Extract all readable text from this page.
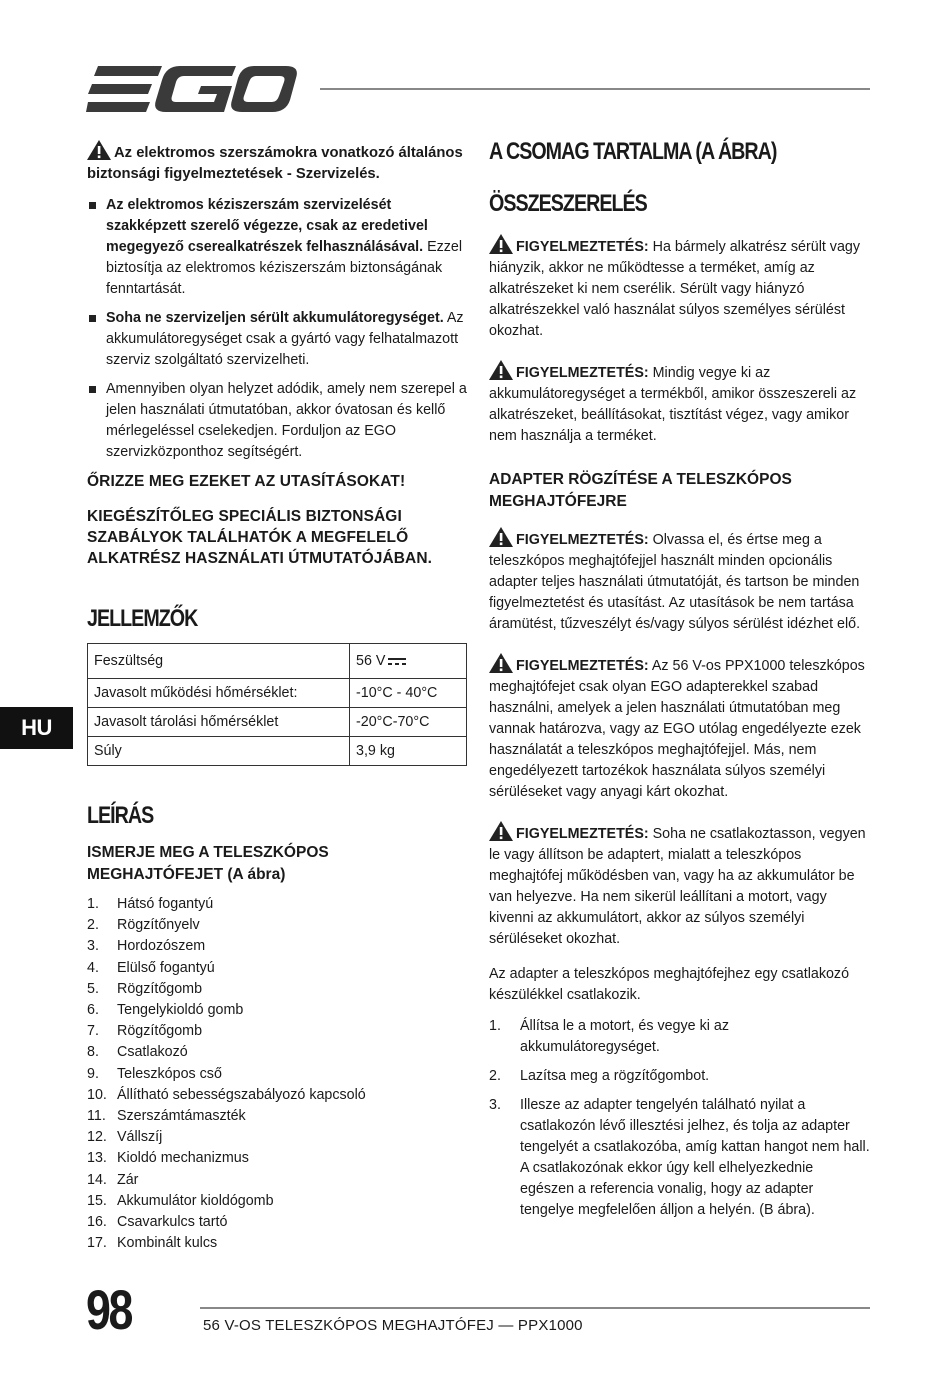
HU

Az elektromos szerszámokra vonatkozó általános biztonsági figyelmeztetések - Szervizelés.

Az elektromos kéziszerszám szervizelését szakképzett szerelő végezze, csak az eredetivel megegyező cserealkatrészek felhasználásával. Ezzel biztosítja az elektromos kéziszerszám biztonságának fenntartását.
Soha ne szervizeljen sérült akkumulátoregységet. Az akkumulátoregységet csak a gyártó vagy felhatalmazott szerviz szolgáltató szervizelheti.
Amennyiben olyan helyzet adódik, amely nem szerepel a jelen használati útmutatóban, akkor óvatosan és kellő mérlegeléssel cselekedjen. Forduljon az EGO szervizközponthoz segítségért.

ŐRIZZE MEG EZEKET AZ UTASÍTÁSOKAT!

KIEGÉSZÍTŐLEG SPECIÁLIS BIZTONSÁGI SZABÁLYOK TALÁLHATÓK A MEGFELELŐ ALKATRÉSZ HASZNÁLATI ÚTMUTATÓJÁBAN.

JELLEMZŐK
Feszültség	56 V
Javasolt működési hőmérséklet:	-10°C - 40°C
Javasolt tárolási hőmérséklet	-20°C-70°C
Súly	3,9 kg
LEÍRÁS

ISMERJE MEG A TELESZKÓPOS MEGHAJTÓFEJET (A ábra)

1.	Hátsó fogantyú
2.	Rögzítőnyelv
3.	Hordozószem
4.	Elülső fogantyú
5.	Rögzítőgomb
6.	Tengelykioldó gomb
7.	Rögzítőgomb
8.	Csatlakozó
9.	Teleszkópos cső
10. Állítható sebességszabályozó kapcsoló
11. Szerszámtámaszték
12. Vállszíj
13. Kioldó mechanizmus
14. Zár
15. Akkumulátor kioldógomb
16. Csavarkulcs tartó
17. Kombinált kulcs
A CSOMAG TARTALMA (A ÁBRA)
ÖSSZESZERELÉS

FIGYELMEZTETÉS: Ha bármely alkatrész sérült vagy hiányzik, akkor ne működtesse a terméket, amíg az alkatrészeket ki nem cserélik. Sérült vagy hiányzó alkatrészekkel való használat súlyos személyes sérülést okozhat.

FIGYELMEZTETÉS: Mindig vegye ki az akkumulátoregységet a termékből, amikor összeszereli az alkatrészeket, beállításokat, tisztítást végez, vagy amikor nem használja a terméket.

ADAPTER RÖGZÍTÉSE A TELESZKÓPOS MEGHAJTÓFEJRE

FIGYELMEZTETÉS: Olvassa el, és értse meg a teleszkópos meghajtófejjel használt minden opcionális adapter teljes használati útmutatóját, és tartson be minden figyelmeztetést és utasítást. Az utasítások be nem tartása áramütést, tűzveszélyt és/vagy súlyos sérülést idézhet elő.

FIGYELMEZTETÉS: Az 56 V-os PPX1000 teleszkópos meghajtófejet csak olyan EGO adapterekkel szabad használni, amelyek a jelen használati útmutatóban meg vannak határozva, vagy az EGO utólag engedélyezte ezek használatát a teleszkópos meghajtófejjel. Más, nem engedélyezett tartozékok használata súlyos személyi sérüléseket vagy anyagi kárt okozhat.

FIGYELMEZTETÉS: Soha ne csatlakoztasson, vegyen le vagy állítson be adaptert, mialatt a teleszkópos meghajtófej működésben van, vagy ha az akkumulátor be van helyezve. Ha nem sikerül leállítani a motort, vagy kivenni az akkumulátort, akkor az súlyos személyi sérüléseket okozhat.

Az adapter a teleszkópos meghajtófejhez egy csatlakozó készülékkel csatlakozik.

1.	Állítsa le a motort, és vegye ki az akkumulátoregységet.
2.	Lazítsa meg a rögzítőgombot.
3.	Illesze az adapter tengelyén található nyilat a csatlakozón lévő illesztési jelhez, és tolja az adapter tengelyét a csatlakozóba, amíg kattan hangot nem hall. A csatlakozónak ekkor úgy kell elhelyezkednie egészen a referencia vonalig, hogy az adapter tengelye megfelelően álljon a helyén. (B ábra).
98	56 V-OS TELESZKÓPOS MEGHAJTÓFEJ — PPX1000
